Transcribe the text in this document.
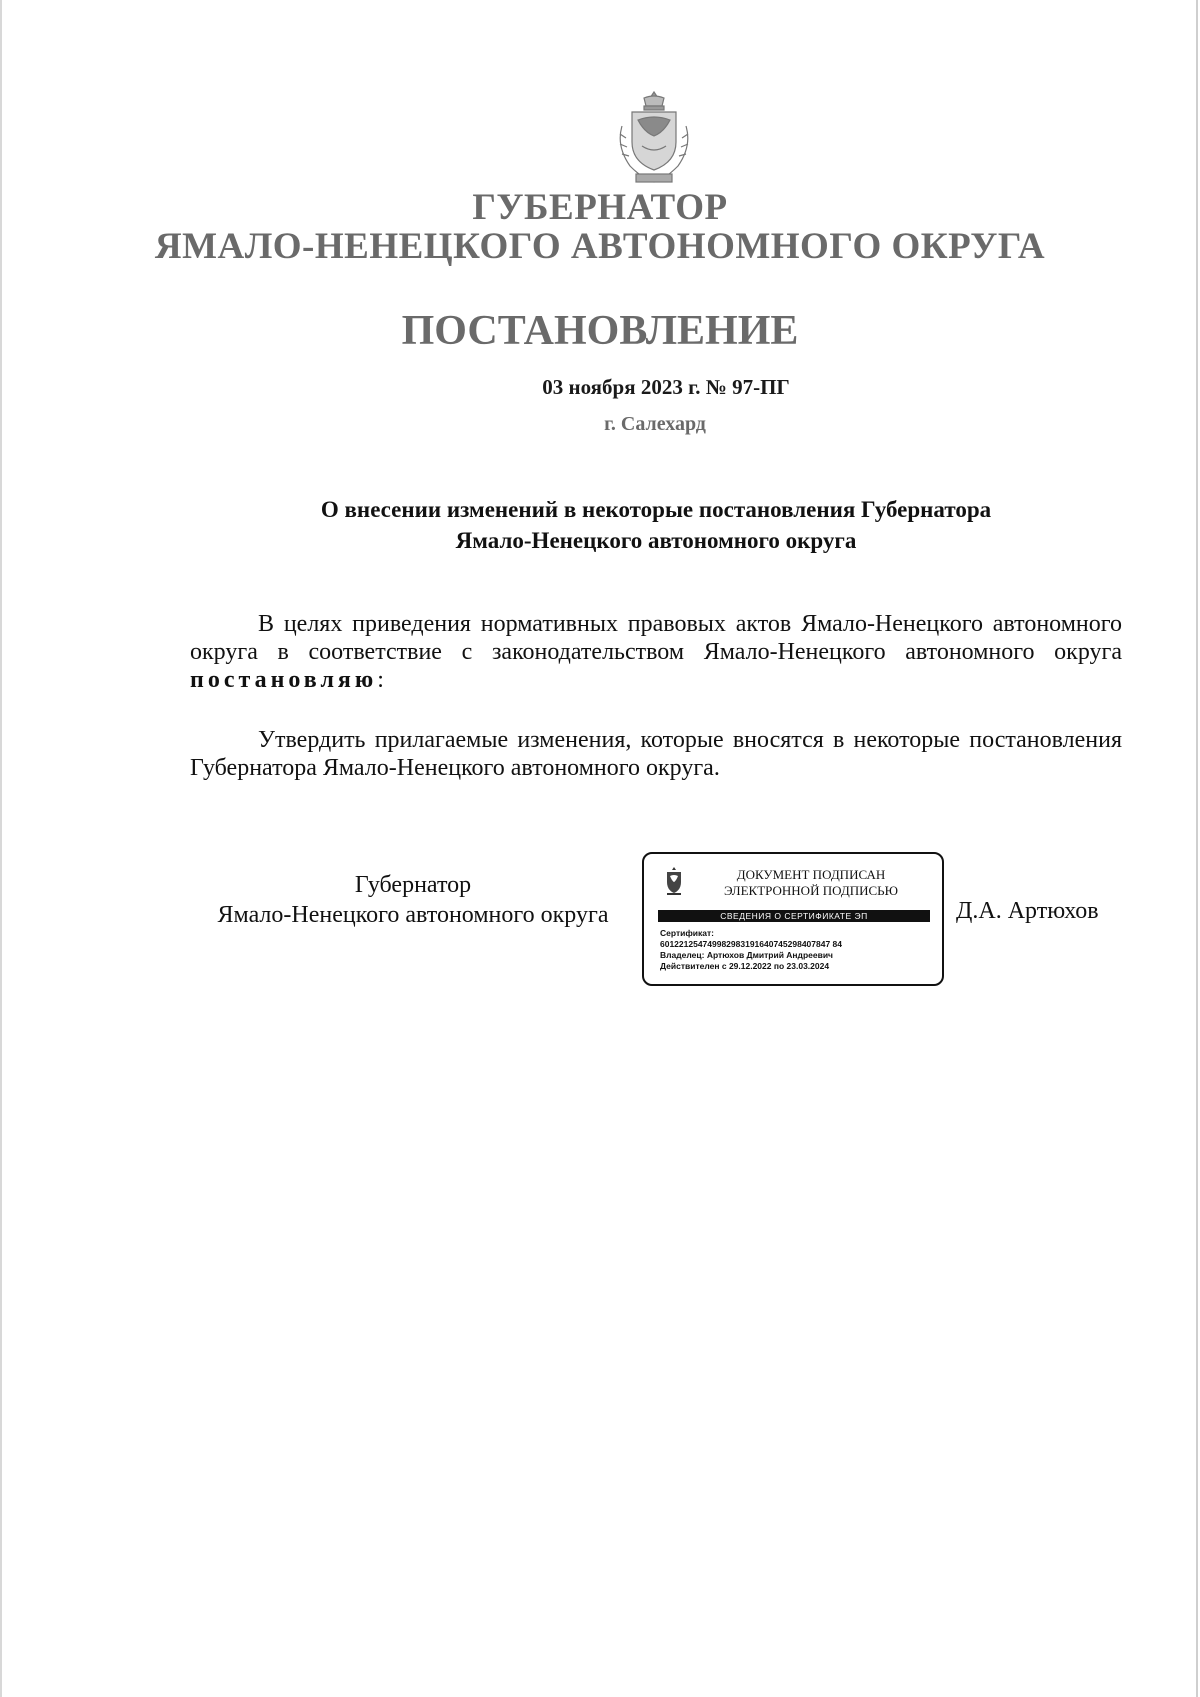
ГУБЕРНАТОР
ЯМАЛО-НЕНЕЦКОГО АВТОНОМНОГО ОКРУГА
ПОСТАНОВЛЕНИЕ
03 ноября 2023 г. № 97-ПГ
г. Салехард
О внесении изменений в некоторые постановления Губернатора
Ямало-Ненецкого автономного округа
В целях приведения нормативных правовых актов Ямало-Ненецкого автономного округа в соответствие с законодательством Ямало-Ненецкого автономного округа постановляю:
Утвердить прилагаемые изменения, которые вносятся в некоторые постановления Губернатора Ямало-Ненецкого автономного округа.
Губернатор
Ямало-Ненецкого автономного округа
ДОКУМЕНТ ПОДПИСАН
ЭЛЕКТРОННОЙ ПОДПИСЬЮ
СВЕДЕНИЯ О СЕРТИФИКАТЕ ЭП
Сертификат:
601221254749982983191640745298407847 84
Владелец: Артюхов Дмитрий Андреевич
Действителен с 29.12.2022 по 23.03.2024
Д.А. Артюхов
